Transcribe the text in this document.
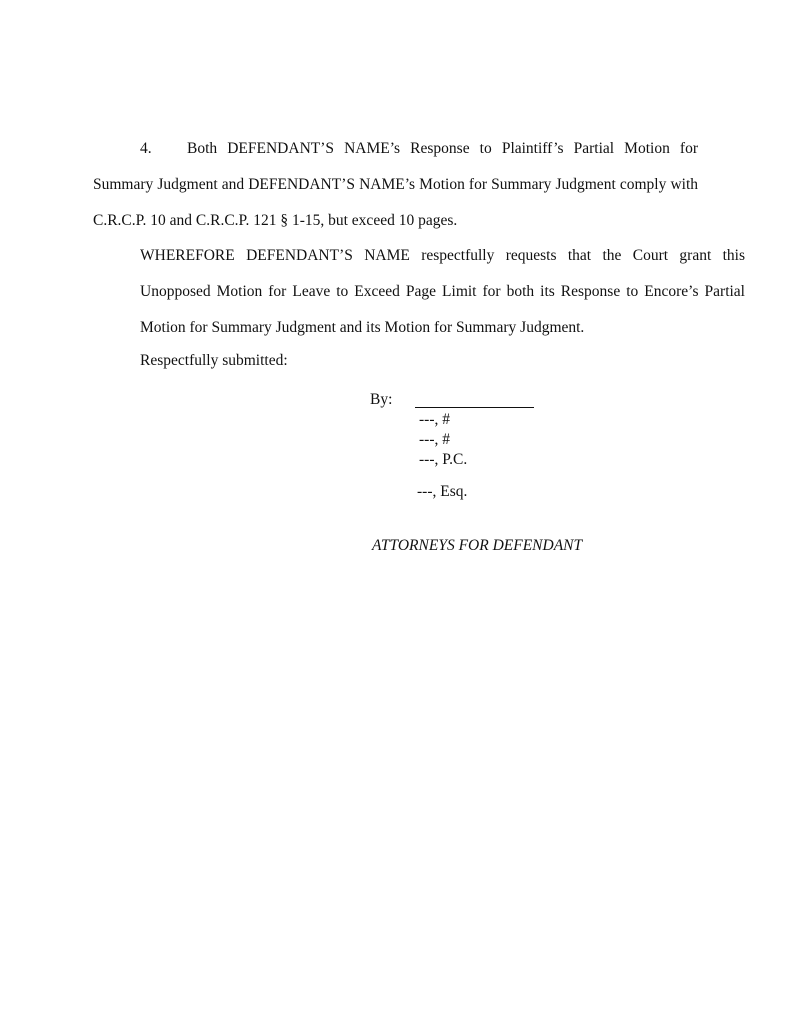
4. Both DEFENDANT’S NAME’s Response to Plaintiff’s Partial Motion for Summary Judgment and DEFENDANT’S NAME’s Motion for Summary Judgment comply with C.R.C.P. 10 and C.R.C.P. 121 § 1-15, but exceed 10 pages.

WHEREFORE DEFENDANT’S NAME respectfully requests that the Court grant this Unopposed Motion for Leave to Exceed Page Limit for both its Response to Encore’s Partial Motion for Summary Judgment and its Motion for Summary Judgment.

Respectfully submitted:

By:
---, #
---, #
---, P.C.
---, Esq.

ATTORNEYS FOR DEFENDANT
